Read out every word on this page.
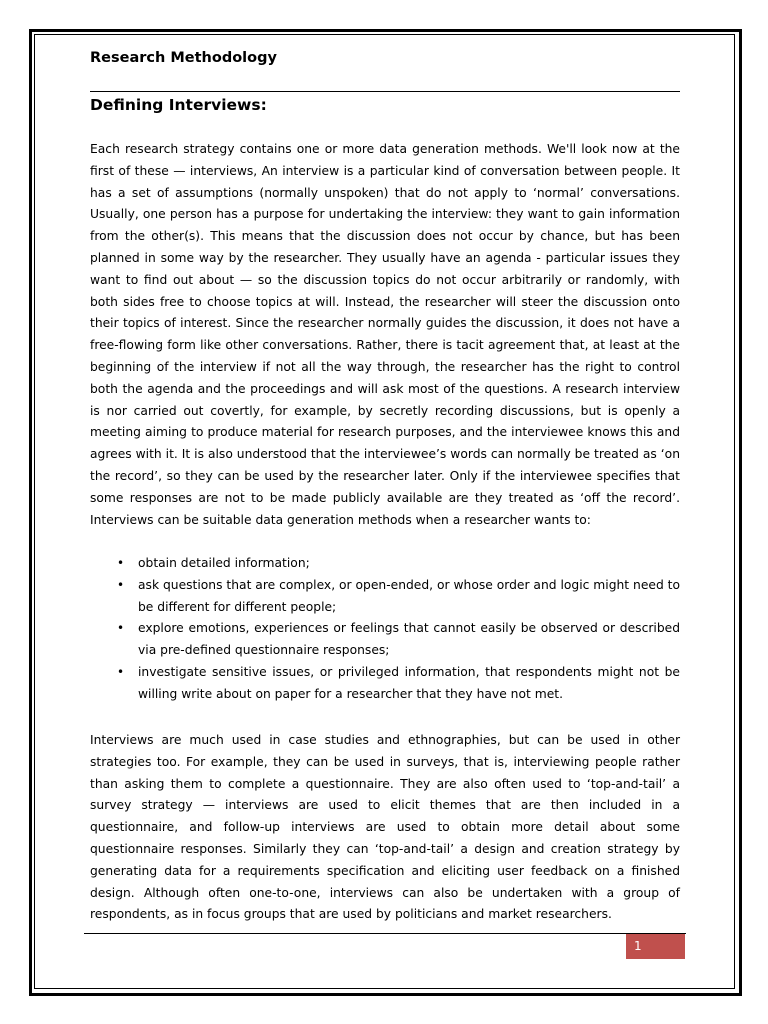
Research Methodology
Defining Interviews:

Each research strategy contains one or more data generation methods. We'll look now at the first of these — interviews, An interview is a particular kind of conversation between people. It has a set of assumptions (normally unspoken) that do not apply to ‘normal’ conversations. Usually, one person has a purpose for undertaking the interview: they want to gain information from the other(s). This means that the discussion does not occur by chance, but has been planned in some way by the researcher. They usually have an agenda - particular issues they want to find out about — so the discussion topics do not occur arbitrarily or randomly, with both sides free to choose topics at will. Instead, the researcher will steer the discussion onto their topics of interest. Since the researcher normally guides the discussion, it does not have a free-flowing form like other conversations. Rather, there is tacit agreement that, at least at the beginning of the interview if not all the way through, the researcher has the right to control both the agenda and the proceedings and will ask most of the questions. A research interview is nor carried out covertly, for example, by secretly recording discussions, but is openly a meeting aiming to produce material for research purposes, and the interviewee knows this and agrees with it. It is also understood that the interviewee’s words can normally be treated as ‘on the record’, so they can be used by the researcher later. Only if the interviewee specifies that some responses are not to be made publicly available are they treated as ‘off the record’. Interviews can be suitable data generation methods when a researcher wants to:

• obtain detailed information;
• ask questions that are complex, or open-ended, or whose order and logic might need to be different for different people;
• explore emotions, experiences or feelings that cannot easily be observed or described via pre-defined questionnaire responses;
• investigate sensitive issues, or privileged information, that respondents might not be willing write about on paper for a researcher that they have not met.

Interviews are much used in case studies and ethnographies, but can be used in other strategies too. For example, they can be used in surveys, that is, interviewing people rather than asking them to complete a questionnaire. They are also often used to ‘top-and-tail’ a survey strategy — interviews are used to elicit themes that are then included in a questionnaire, and follow-up interviews are used to obtain more detail about some questionnaire responses. Similarly they can ‘top-and-tail’ a design and creation strategy by generating data for a requirements specification and eliciting user feedback on a finished design. Although often one-to-one, interviews can also be undertaken with a group of respondents, as in focus groups that are used by politicians and market researchers.

1
